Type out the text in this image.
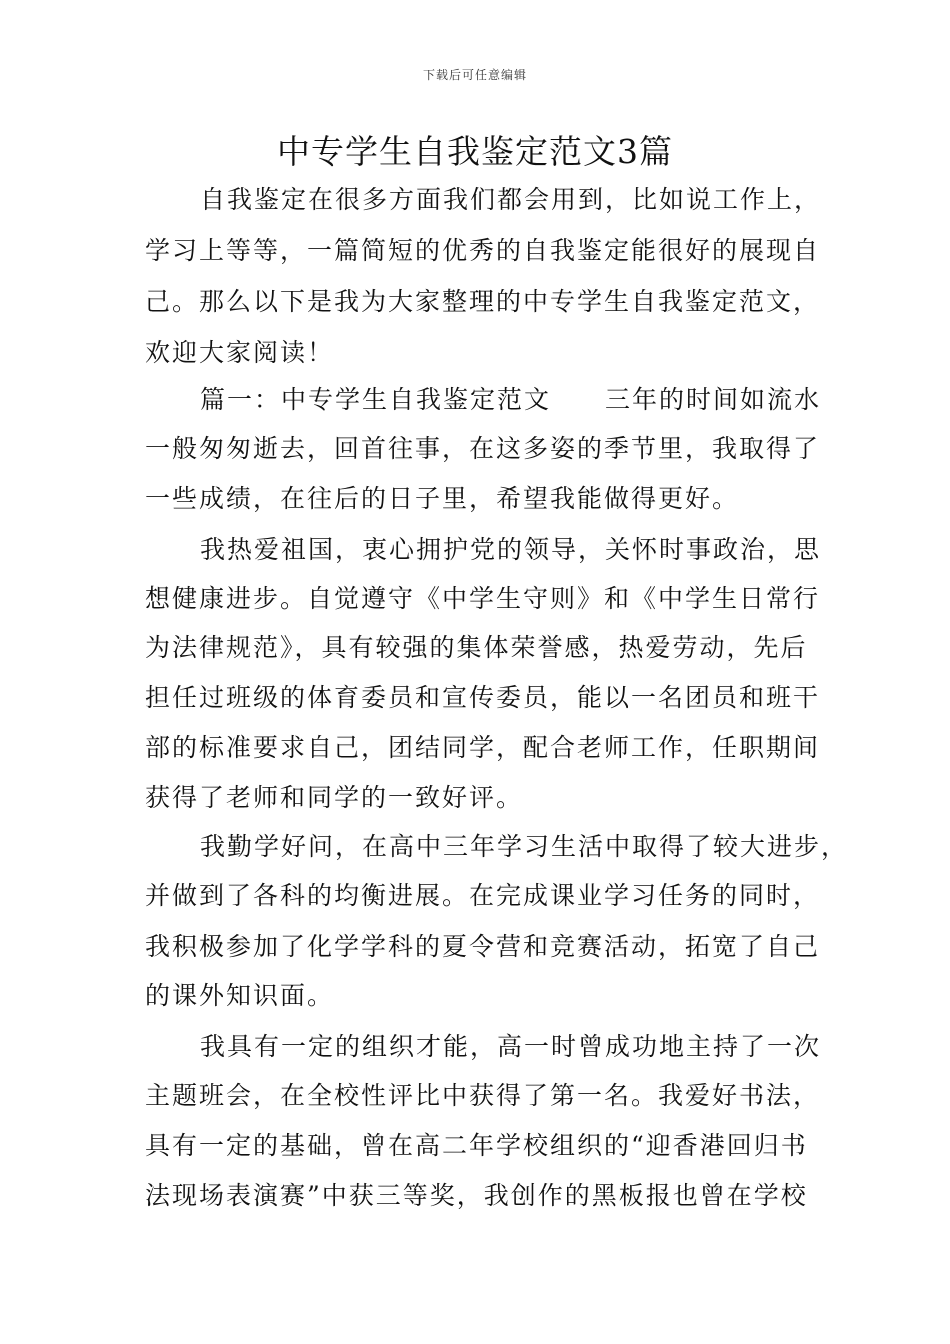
下载后可任意编辑
中专学生自我鉴定范文3篇
自我鉴定在很多方面我们都会用到，比如说工作上，
学习上等等，一篇简短的优秀的自我鉴定能很好的展现自
己。那么以下是我为大家整理的中专学生自我鉴定范文，
欢迎大家阅读！
篇一：中专学生自我鉴定范文　　三年的时间如流水
一般匆匆逝去，回首往事，在这多姿的季节里，我取得了
一些成绩，在往后的日子里，希望我能做得更好。
我热爱祖国，衷心拥护党的领导，关怀时事政治，思
想健康进步。自觉遵守《中学生守则》和《中学生日常行
为法律规范》，具有较强的集体荣誉感，热爱劳动，先后
担任过班级的体育委员和宣传委员，能以一名团员和班干
部的标准要求自己，团结同学，配合老师工作，任职期间
获得了老师和同学的一致好评。
我勤学好问，在高中三年学习生活中取得了较大进步，
并做到了各科的均衡进展。在完成课业学习任务的同时，
我积极参加了化学学科的夏令营和竞赛活动，拓宽了自己
的课外知识面。
我具有一定的组织才能，高一时曾成功地主持了一次
主题班会，在全校性评比中获得了第一名。我爱好书法，
具有一定的基础，曾在高二年学校组织的“迎香港回归书
法现场表演赛”中获三等奖，我创作的黑板报也曾在学校
